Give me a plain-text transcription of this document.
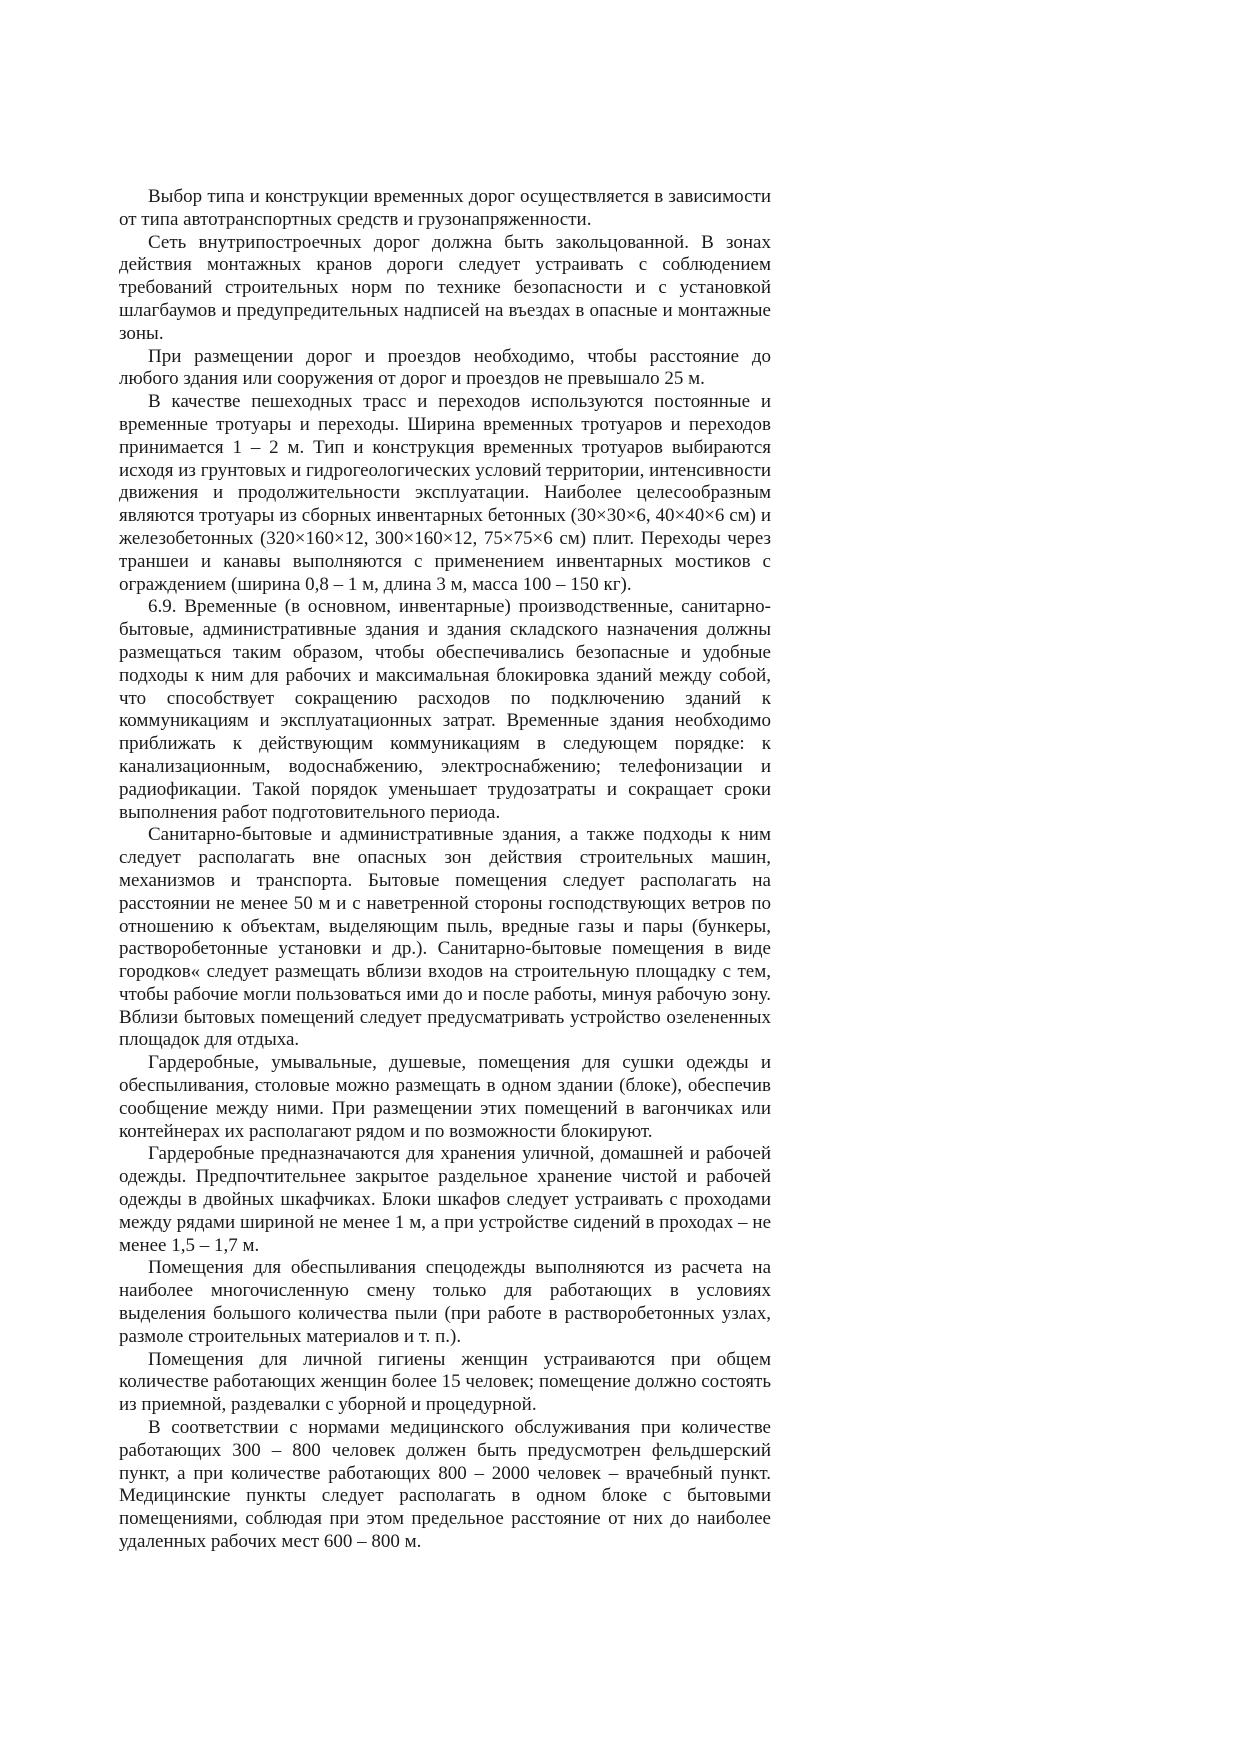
Выбор типа и конструкции временных дорог осуществляется в зависимости от типа автотранспортных средств и грузонапряженности.

Сеть внутрипостроечных дорог должна быть закольцованной. В зонах действия монтажных кранов дороги следует устраивать с соблюдением требований строительных норм по технике безопасности и с установкой шлагбаумов и предупредительных надписей на въездах в опасные и монтажные зоны.

При размещении дорог и проездов необходимо, чтобы расстояние до любого здания или сооружения от дорог и проездов не превышало 25 м.

В качестве пешеходных трасс и переходов используются постоянные и временные тротуары и переходы. Ширина временных тротуаров и переходов принимается 1 – 2 м. Тип и конструкция временных тротуаров выбираются исходя из грунтовых и гидрогеологических условий территории, интенсивности движения и продолжительности эксплуатации. Наиболее целесообразным являются тротуары из сборных инвентарных бетонных (30×30×6, 40×40×6 см) и железобетонных (320×160×12, 300×160×12, 75×75×6 см) плит. Переходы через траншеи и канавы выполняются с применением инвентарных мостиков с ограждением (ширина 0,8 – 1 м, длина 3 м, масса 100 – 150 кг).

6.9. Временные (в основном, инвентарные) производственные, санитарно-бытовые, административные здания и здания складского назначения должны размещаться таким образом, чтобы обеспечивались безопасные и удобные подходы к ним для рабочих и максимальная блокировка зданий между собой, что способствует сокращению расходов по подключению зданий к коммуникациям и эксплуатационных затрат. Временные здания необходимо приближать к действующим коммуникациям в следующем порядке: к канализационным, водоснабжению, электроснабжению; телефонизации и радиофикации. Такой порядок уменьшает трудозатраты и сокращает сроки выполнения работ подготовительного периода.

Санитарно-бытовые и административные здания, а также подходы к ним следует располагать вне опасных зон действия строительных машин, механизмов и транспорта. Бытовые помещения следует располагать на расстоянии не менее 50 м и с наветренной стороны господствующих ветров по отношению к объектам, выделяющим пыль, вредные газы и пары (бункеры, растворобетонные установки и др.). Санитарно-бытовые помещения в виде городков« следует размещать вблизи входов на строительную площадку с тем, чтобы рабочие могли пользоваться ими до и после работы, минуя рабочую зону. Вблизи бытовых помещений следует предусматривать устройство озелененных площадок для отдыха.

Гардеробные, умывальные, душевые, помещения для сушки одежды и обеспыливания, столовые можно размещать в одном здании (блоке), обеспечив сообщение между ними. При размещении этих помещений в вагончиках или контейнерах их располагают рядом и по возможности блокируют.

Гардеробные предназначаются для хранения уличной, домашней и рабочей одежды. Предпочтительнее закрытое раздельное хранение чистой и рабочей одежды в двойных шкафчиках. Блоки шкафов следует устраивать с проходами между рядами шириной не менее 1 м, а при устройстве сидений в проходах – не менее 1,5 – 1,7 м.

Помещения для обеспыливания спецодежды выполняются из расчета на наиболее многочисленную смену только для работающих в условиях выделения большого количества пыли (при работе в растворобетонных узлах, размоле строительных материалов и т. п.).

Помещения для личной гигиены женщин устраиваются при общем количестве работающих женщин более 15 человек; помещение должно состоять из приемной, раздевалки с уборной и процедурной.

В соответствии с нормами медицинского обслуживания при количестве работающих 300 – 800 человек должен быть предусмотрен фельдшерский пункт, а при количестве работающих 800 – 2000 человек – врачебный пункт. Медицинские пункты следует располагать в одном блоке с бытовыми помещениями, соблюдая при этом предельное расстояние от них до наиболее удаленных рабочих мест 600 – 800 м.
